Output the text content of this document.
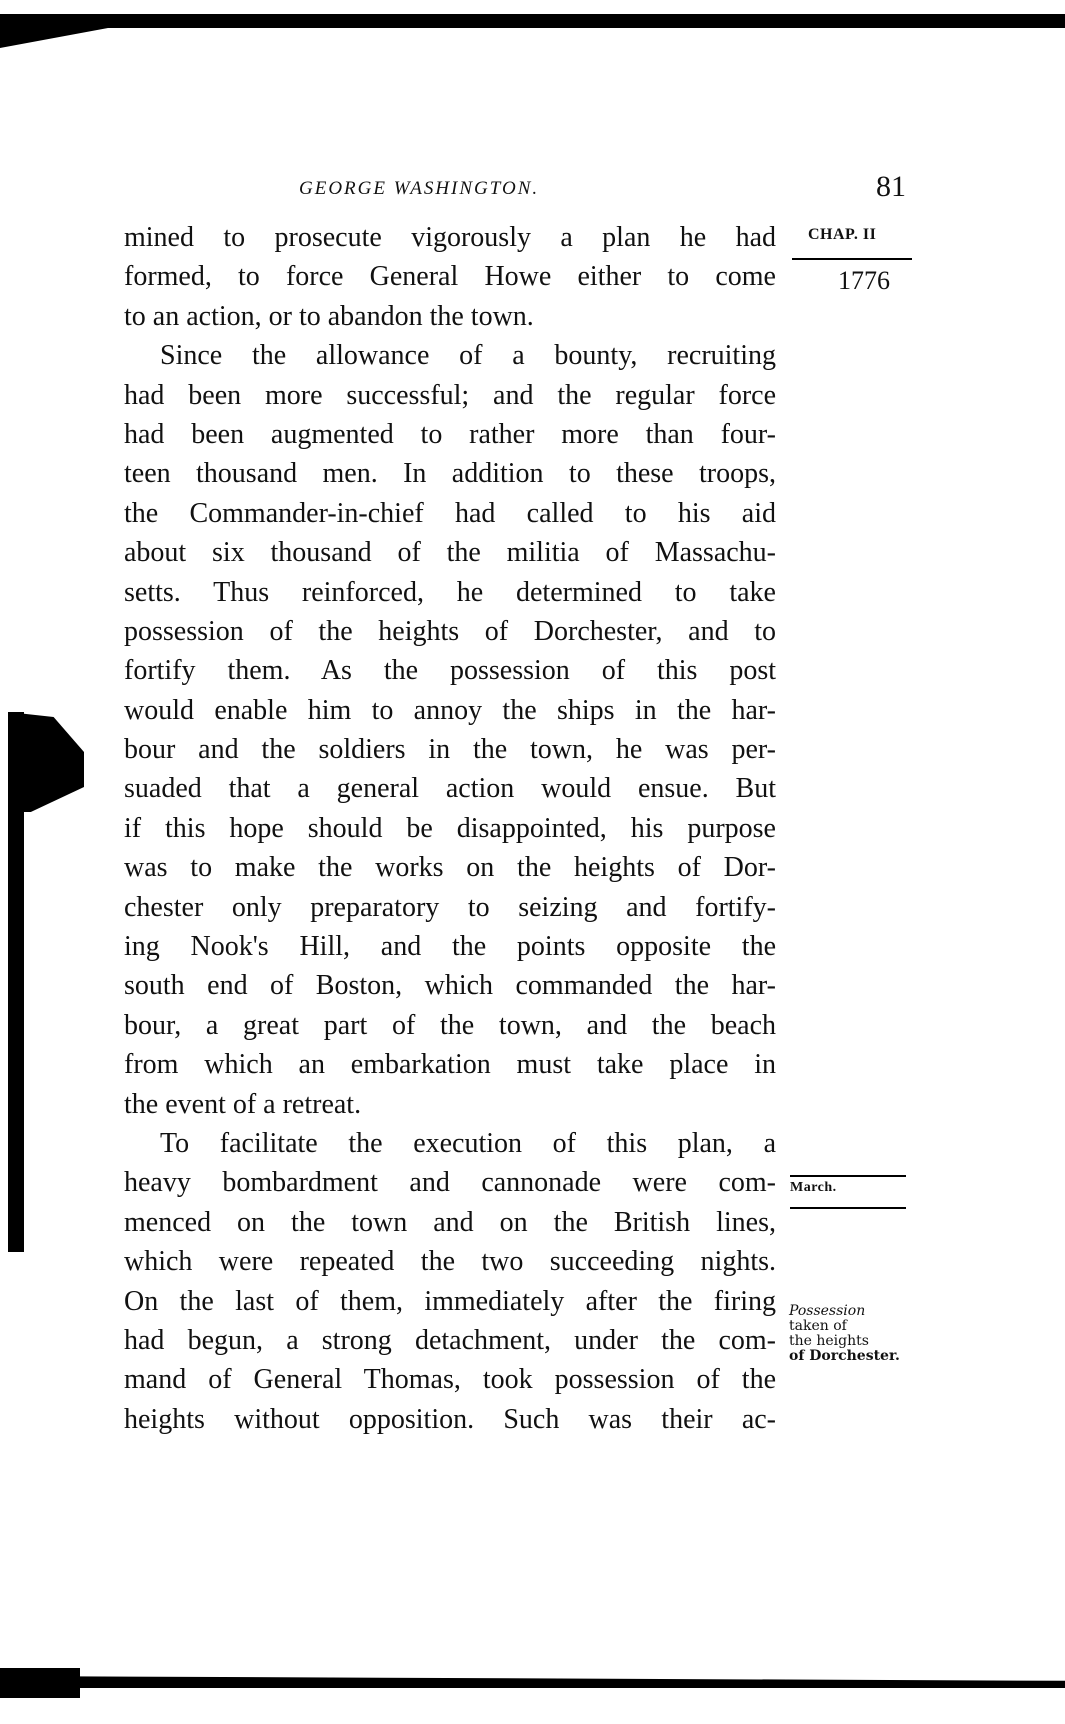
GEORGE WASHINGTON.	81
CHAP. II
1776
March.
Possession
taken of
the heights
of Dorchester.
mined to prosecute vigorously a plan he had
formed, to force General Howe either to come
to an action, or to abandon the town.
Since the allowance of a bounty, recruiting
had been more successful; and the regular force
had been augmented to rather more than four-
teen thousand men. In addition to these troops,
the Commander-in-chief had called to his aid
about six thousand of the militia of Massachu-
setts. Thus reinforced, he determined to take
possession of the heights of Dorchester, and to
fortify them. As the possession of this post
would enable him to annoy the ships in the har-
bour and the soldiers in the town, he was per-
suaded that a general action would ensue. But
if this hope should be disappointed, his purpose
was to make the works on the heights of Dor-
chester only preparatory to seizing and fortify-
ing Nook's Hill, and the points opposite the
south end of Boston, which commanded the har-
bour, a great part of the town, and the beach
from which an embarkation must take place in
the event of a retreat.
To facilitate the execution of this plan, a
heavy bombardment and cannonade were com-
menced on the town and on the British lines,
which were repeated the two succeeding nights.
On the last of them, immediately after the firing
had begun, a strong detachment, under the com-
mand of General Thomas, took possession of the
heights without opposition. Such was their ac-
